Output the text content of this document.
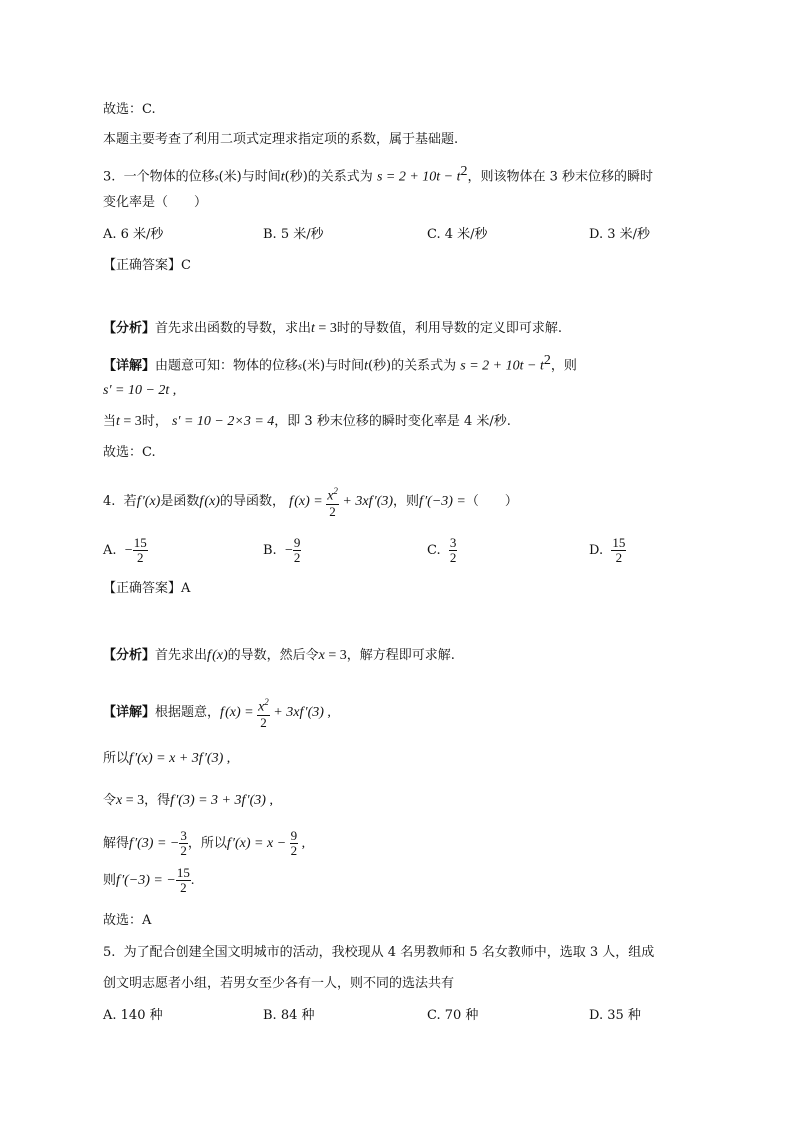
故选：C.
本题主要考查了利用二项式定理求指定项的系数，属于基础题.
3. 一个物体的位移s(米)与时间t(秒)的关系式为 $s = 2 + 10t - t^2$，则该物体在 3 秒末位移的瞬时
变化率是（　　）
A. 6 米/秒	B. 5 米/秒	C. 4 米/秒	D. 3 米/秒
【正确答案】C
【分析】首先求出函数的导数，求出t = 3时的导数值，利用导数的定义即可求解.
【详解】由题意可知：物体的位移s(米)与时间t(秒)的关系式为 $s = 2 + 10t - t^2$，则
s′ = 10 − 2t ,
当t = 3时， s′ = 10 − 2×3 = 4，即 3 秒末位移的瞬时变化率是 4 米/秒.
故选：C.
4. 若f ′(x)是函数f (x)的导函数， f $(x) = \frac{x^2}{2} + 3xf$ ′(3)，则f ′(−3) =（　　）
A. − $\frac{15}{2}$	B. − $\frac{9}{2}$	C. $\frac{3}{2}$	D. $\frac{15}{2}$
【正确答案】A
【分析】首先求出f (x)的导数，然后令x = 3，解方程即可求解.
【详解】根据题意，f $(x) = \frac{x^2}{2} + 3xf$ ′(3) ,
所以f ′(x) = x + 3f ′(3) ,
令x = 3，得f ′(3) = 3 + 3f ′(3) ,
解得f ′(3) = − $\frac{3}{2}$ ，所以f $'(x) = x - \frac{9}{2}$ ,
则f ′(−3) = − $\frac{15}{2}$ .
故选：A
5. 为了配合创建全国文明城市的活动，我校现从 4 名男教师和 5 名女教师中，选取 3 人，组成
创文明志愿者小组，若男女至少各有一人，则不同的选法共有
A. 140 种	B. 84 种	C. 70 种	D. 35 种
